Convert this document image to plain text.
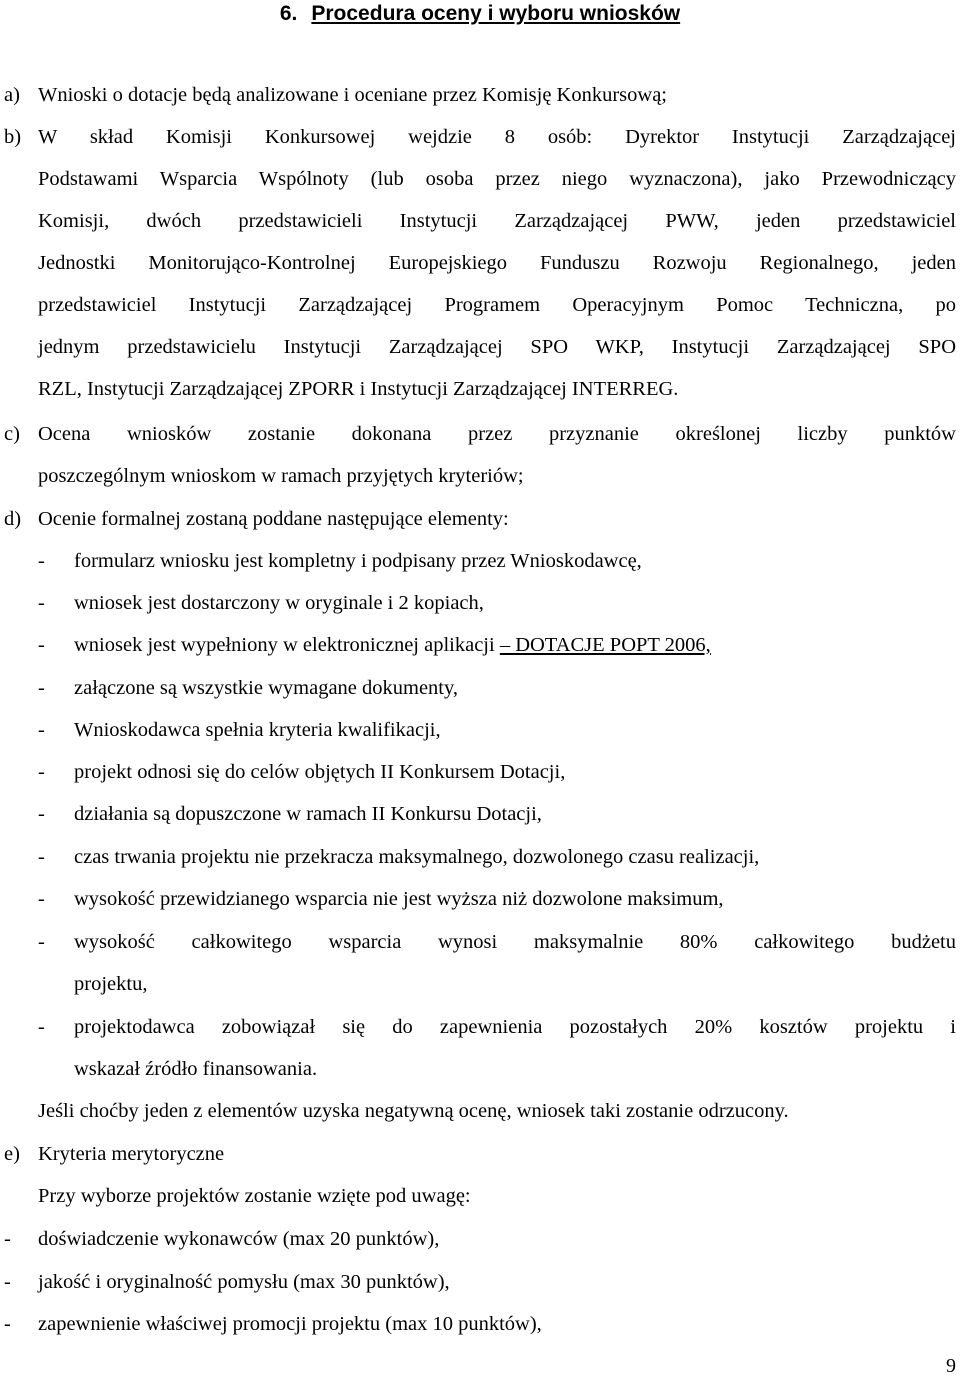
6. Procedura oceny i wyboru wniosków
a) Wnioski o dotacje będą analizowane i oceniane przez Komisję Konkursową;
b) W skład Komisji Konkursowej wejdzie 8 osób: Dyrektor Instytucji Zarządzającej
Podstawami Wsparcia Wspólnoty (lub osoba przez niego wyznaczona), jako Przewodniczący
Komisji, dwóch przedstawicieli Instytucji Zarządzającej PWW, jeden przedstawiciel
Jednostki Monitorująco-Kontrolnej Europejskiego Funduszu Rozwoju Regionalnego, jeden
przedstawiciel Instytucji Zarządzającej Programem Operacyjnym Pomoc Techniczna, po
jednym przedstawicielu Instytucji Zarządzającej SPO WKP, Instytucji Zarządzającej SPO
RZL, Instytucji Zarządzającej ZPORR i Instytucji Zarządzającej INTERREG.
c) Ocena wniosków zostanie dokonana przez przyznanie określonej liczby punktów
poszczególnym wnioskom w ramach przyjętych kryteriów;
d) Ocenie formalnej zostaną poddane następujące elementy:
- formularz wniosku jest kompletny i podpisany przez Wnioskodawcę,
- wniosek jest dostarczony w oryginale i 2 kopiach,
- wniosek jest wypełniony w elektronicznej aplikacji – DOTACJE POPT 2006,
- załączone są wszystkie wymagane dokumenty,
- Wnioskodawca spełnia kryteria kwalifikacji,
- projekt odnosi się do celów objętych II Konkursem Dotacji,
- działania są dopuszczone w ramach II Konkursu Dotacji,
- czas trwania projektu nie przekracza maksymalnego, dozwolonego czasu realizacji,
- wysokość przewidzianego wsparcia nie jest wyższa niż dozwolone maksimum,
- wysokość całkowitego wsparcia wynosi maksymalnie 80% całkowitego budżetu
projektu,
- projektodawca zobowiązał się do zapewnienia pozostałych 20% kosztów projektu i
wskazał źródło finansowania.
Jeśli choćby jeden z elementów uzyska negatywną ocenę, wniosek taki zostanie odrzucony.
e) Kryteria merytoryczne
Przy wyborze projektów zostanie wzięte pod uwagę:
- doświadczenie wykonawców (max 20 punktów),
- jakość i oryginalność pomysłu (max 30 punktów),
- zapewnienie właściwej promocji projektu (max 10 punktów),
9
